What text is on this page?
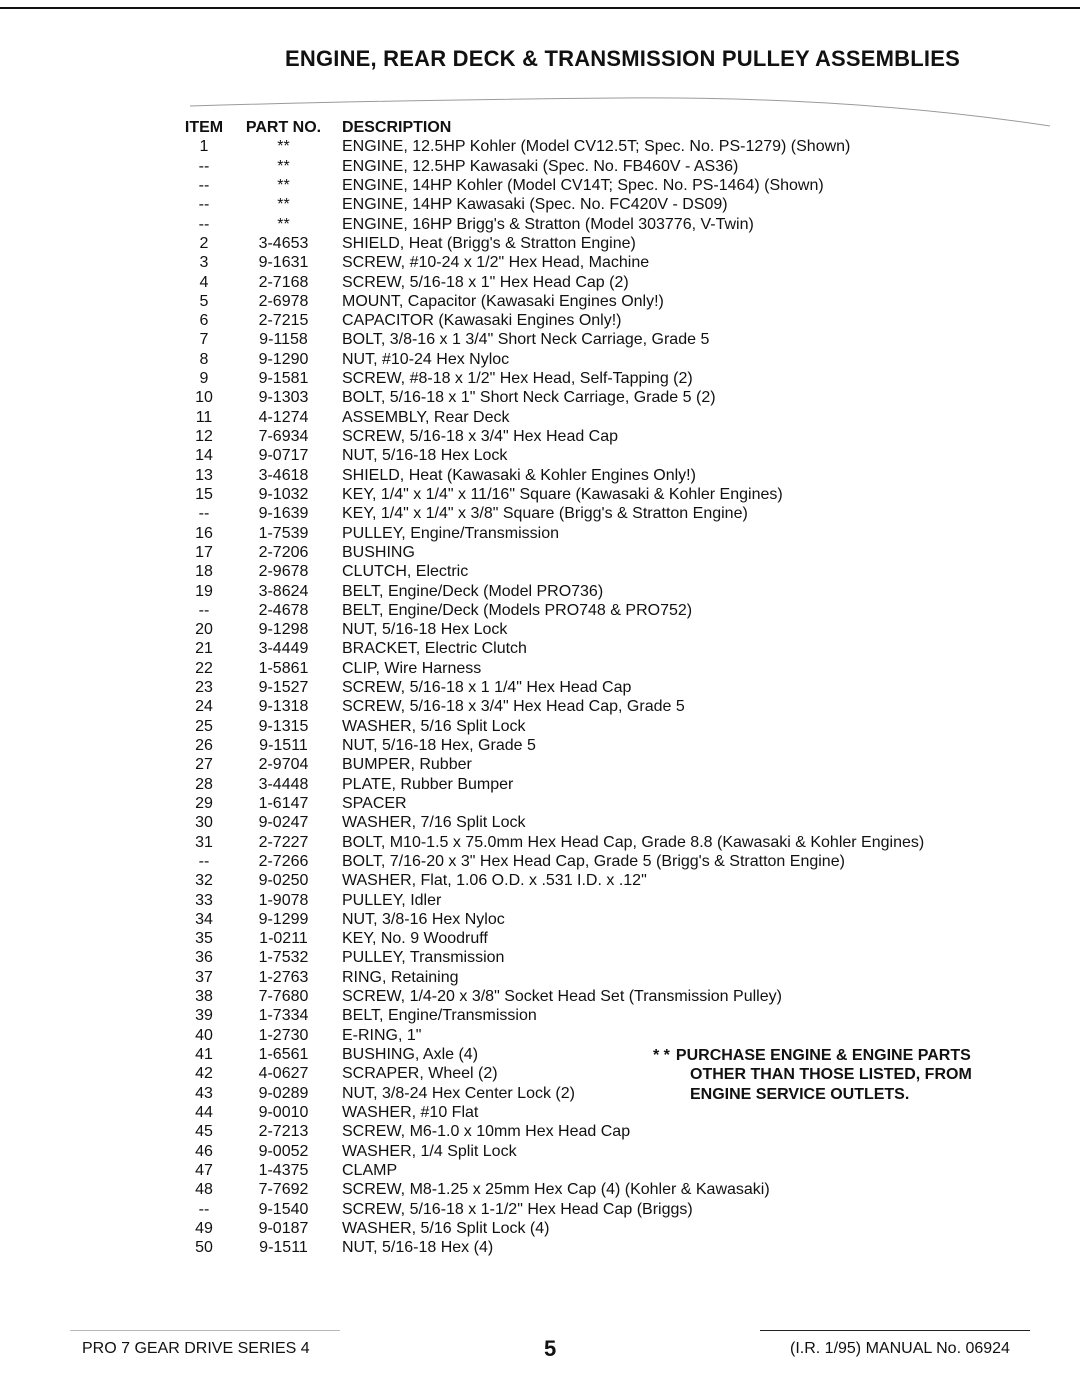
ENGINE, REAR DECK & TRANSMISSION PULLEY ASSEMBLIES
ITEM	PART NO.	DESCRIPTION
1	**	ENGINE, 12.5HP Kohler (Model CV12.5T; Spec. No. PS-1279) (Shown)
--	**	ENGINE, 12.5HP Kawasaki (Spec. No. FB460V - AS36)
--	**	ENGINE, 14HP Kohler (Model CV14T; Spec. No. PS-1464) (Shown)
--	**	ENGINE, 14HP Kawasaki (Spec. No. FC420V - DS09)
--	**	ENGINE, 16HP Brigg's & Stratton (Model 303776, V-Twin)
2	3-4653	SHIELD, Heat (Brigg's & Stratton Engine)
3	9-1631	SCREW, #10-24 x 1/2" Hex Head, Machine
4	2-7168	SCREW, 5/16-18 x 1" Hex Head Cap (2)
5	2-6978	MOUNT, Capacitor (Kawasaki Engines Only!)
6	2-7215	CAPACITOR (Kawasaki Engines Only!)
7	9-1158	BOLT, 3/8-16 x 1 3/4" Short Neck Carriage, Grade 5
8	9-1290	NUT, #10-24 Hex Nyloc
9	9-1581	SCREW, #8-18 x 1/2" Hex Head, Self-Tapping (2)
10	9-1303	BOLT, 5/16-18 x 1" Short Neck Carriage, Grade 5 (2)
11	4-1274	ASSEMBLY, Rear Deck
12	7-6934	SCREW, 5/16-18 x 3/4" Hex Head Cap
14	9-0717	NUT, 5/16-18 Hex Lock
13	3-4618	SHIELD, Heat (Kawasaki & Kohler Engines Only!)
15	9-1032	KEY, 1/4" x 1/4" x 11/16" Square (Kawasaki & Kohler Engines)
--	9-1639	KEY, 1/4" x 1/4" x 3/8" Square (Brigg's & Stratton Engine)
16	1-7539	PULLEY, Engine/Transmission
17	2-7206	BUSHING
18	2-9678	CLUTCH, Electric
19	3-8624	BELT, Engine/Deck (Model PRO736)
--	2-4678	BELT, Engine/Deck (Models PRO748 & PRO752)
20	9-1298	NUT, 5/16-18 Hex Lock
21	3-4449	BRACKET, Electric Clutch
22	1-5861	CLIP, Wire Harness
23	9-1527	SCREW, 5/16-18 x 1 1/4" Hex Head Cap
24	9-1318	SCREW, 5/16-18 x 3/4" Hex Head Cap, Grade 5
25	9-1315	WASHER, 5/16 Split Lock
26	9-1511	NUT, 5/16-18 Hex, Grade 5
27	2-9704	BUMPER, Rubber
28	3-4448	PLATE, Rubber Bumper
29	1-6147	SPACER
30	9-0247	WASHER, 7/16 Split Lock
31	2-7227	BOLT, M10-1.5 x 75.0mm Hex Head Cap, Grade 8.8 (Kawasaki & Kohler Engines)
--	2-7266	BOLT, 7/16-20 x 3" Hex Head Cap, Grade 5 (Brigg's & Stratton Engine)
32	9-0250	WASHER, Flat, 1.06 O.D. x .531 I.D. x .12"
33	1-9078	PULLEY, Idler
34	9-1299	NUT, 3/8-16 Hex Nyloc
35	1-0211	KEY, No. 9 Woodruff
36	1-7532	PULLEY, Transmission
37	1-2763	RING, Retaining
38	7-7680	SCREW, 1/4-20 x 3/8" Socket Head Set (Transmission Pulley)
39	1-7334	BELT, Engine/Transmission
40	1-2730	E-RING, 1"
41	1-6561	BUSHING, Axle (4)
42	4-0627	SCRAPER, Wheel (2)
43	9-0289	NUT, 3/8-24 Hex Center Lock (2)
44	9-0010	WASHER, #10 Flat
45	2-7213	SCREW, M6-1.0 x 10mm Hex Head Cap
46	9-0052	WASHER, 1/4 Split Lock
47	1-4375	CLAMP
48	7-7692	SCREW, M8-1.25 x 25mm Hex Cap (4) (Kohler & Kawasaki)
--	9-1540	SCREW, 5/16-18 x 1-1/2" Hex Head Cap (Briggs)
49	9-0187	WASHER, 5/16 Split Lock (4)
50	9-1511	NUT, 5/16-18 Hex (4)
* * PURCHASE ENGINE & ENGINE PARTS
OTHER THAN THOSE LISTED, FROM
ENGINE SERVICE OUTLETS.
PRO 7 GEAR DRIVE SERIES 4	5	(I.R. 1/95) MANUAL No. 06924
